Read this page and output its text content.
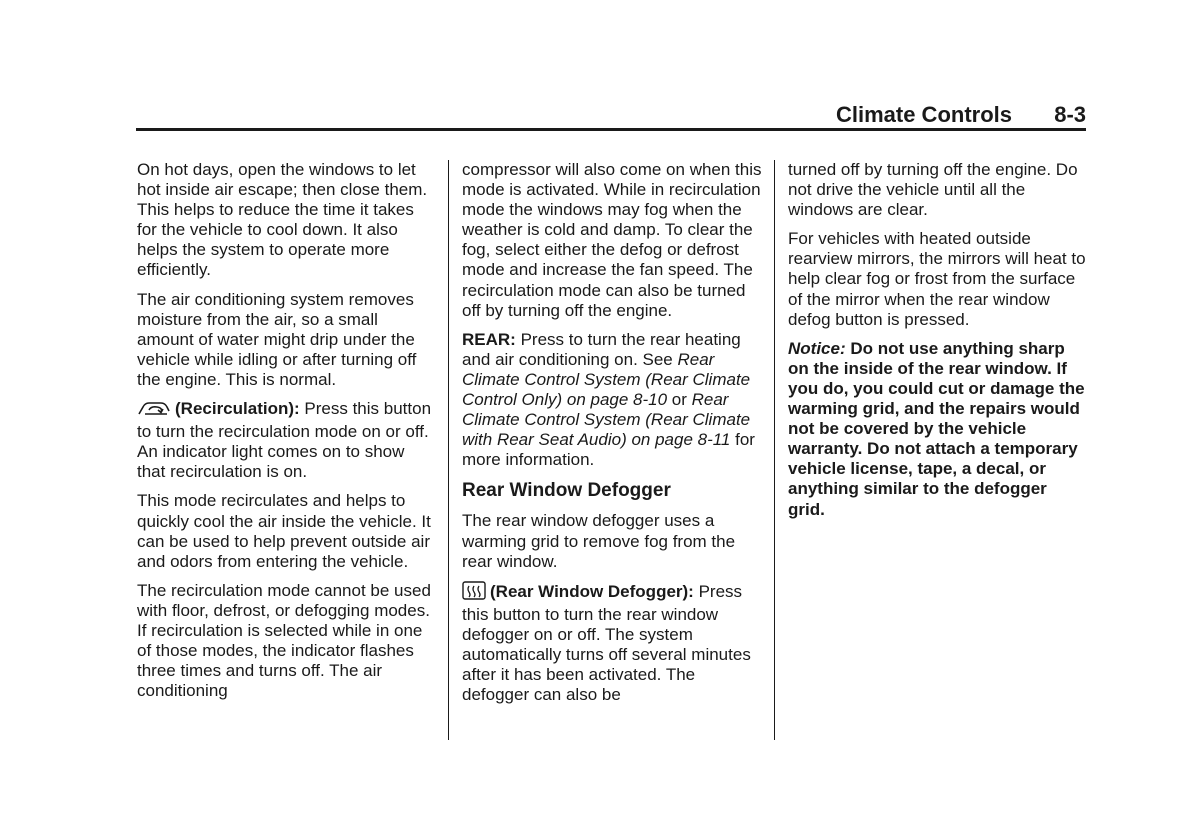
Climate Controls 8-3

On hot days, open the windows to let hot inside air escape; then close them. This helps to reduce the time it takes for the vehicle to cool down. It also helps the system to operate more efficiently.

The air conditioning system removes moisture from the air, so a small amount of water might drip under the vehicle while idling or after turning off the engine. This is normal.

(Recirculation): Press this button to turn the recirculation mode on or off. An indicator light comes on to show that recirculation is on.

This mode recirculates and helps to quickly cool the air inside the vehicle. It can be used to help prevent outside air and odors from entering the vehicle.

The recirculation mode cannot be used with floor, defrost, or defogging modes. If recirculation is selected while in one of those modes, the indicator flashes three times and turns off. The air conditioning

compressor will also come on when this mode is activated. While in recirculation mode the windows may fog when the weather is cold and damp. To clear the fog, select either the defog or defrost mode and increase the fan speed. The recirculation mode can also be turned off by turning off the engine.

REAR: Press to turn the rear heating and air conditioning on. See Rear Climate Control System (Rear Climate Control Only) on page 8-10 or Rear Climate Control System (Rear Climate with Rear Seat Audio) on page 8-11 for more information.

Rear Window Defogger

The rear window defogger uses a warming grid to remove fog from the rear window.

(Rear Window Defogger): Press this button to turn the rear window defogger on or off. The system automatically turns off several minutes after it has been activated. The defogger can also be

turned off by turning off the engine. Do not drive the vehicle until all the windows are clear.

For vehicles with heated outside rearview mirrors, the mirrors will heat to help clear fog or frost from the surface of the mirror when the rear window defog button is pressed.

Notice: Do not use anything sharp on the inside of the rear window. If you do, you could cut or damage the warming grid, and the repairs would not be covered by the vehicle warranty. Do not attach a temporary vehicle license, tape, a decal, or anything similar to the defogger grid.
